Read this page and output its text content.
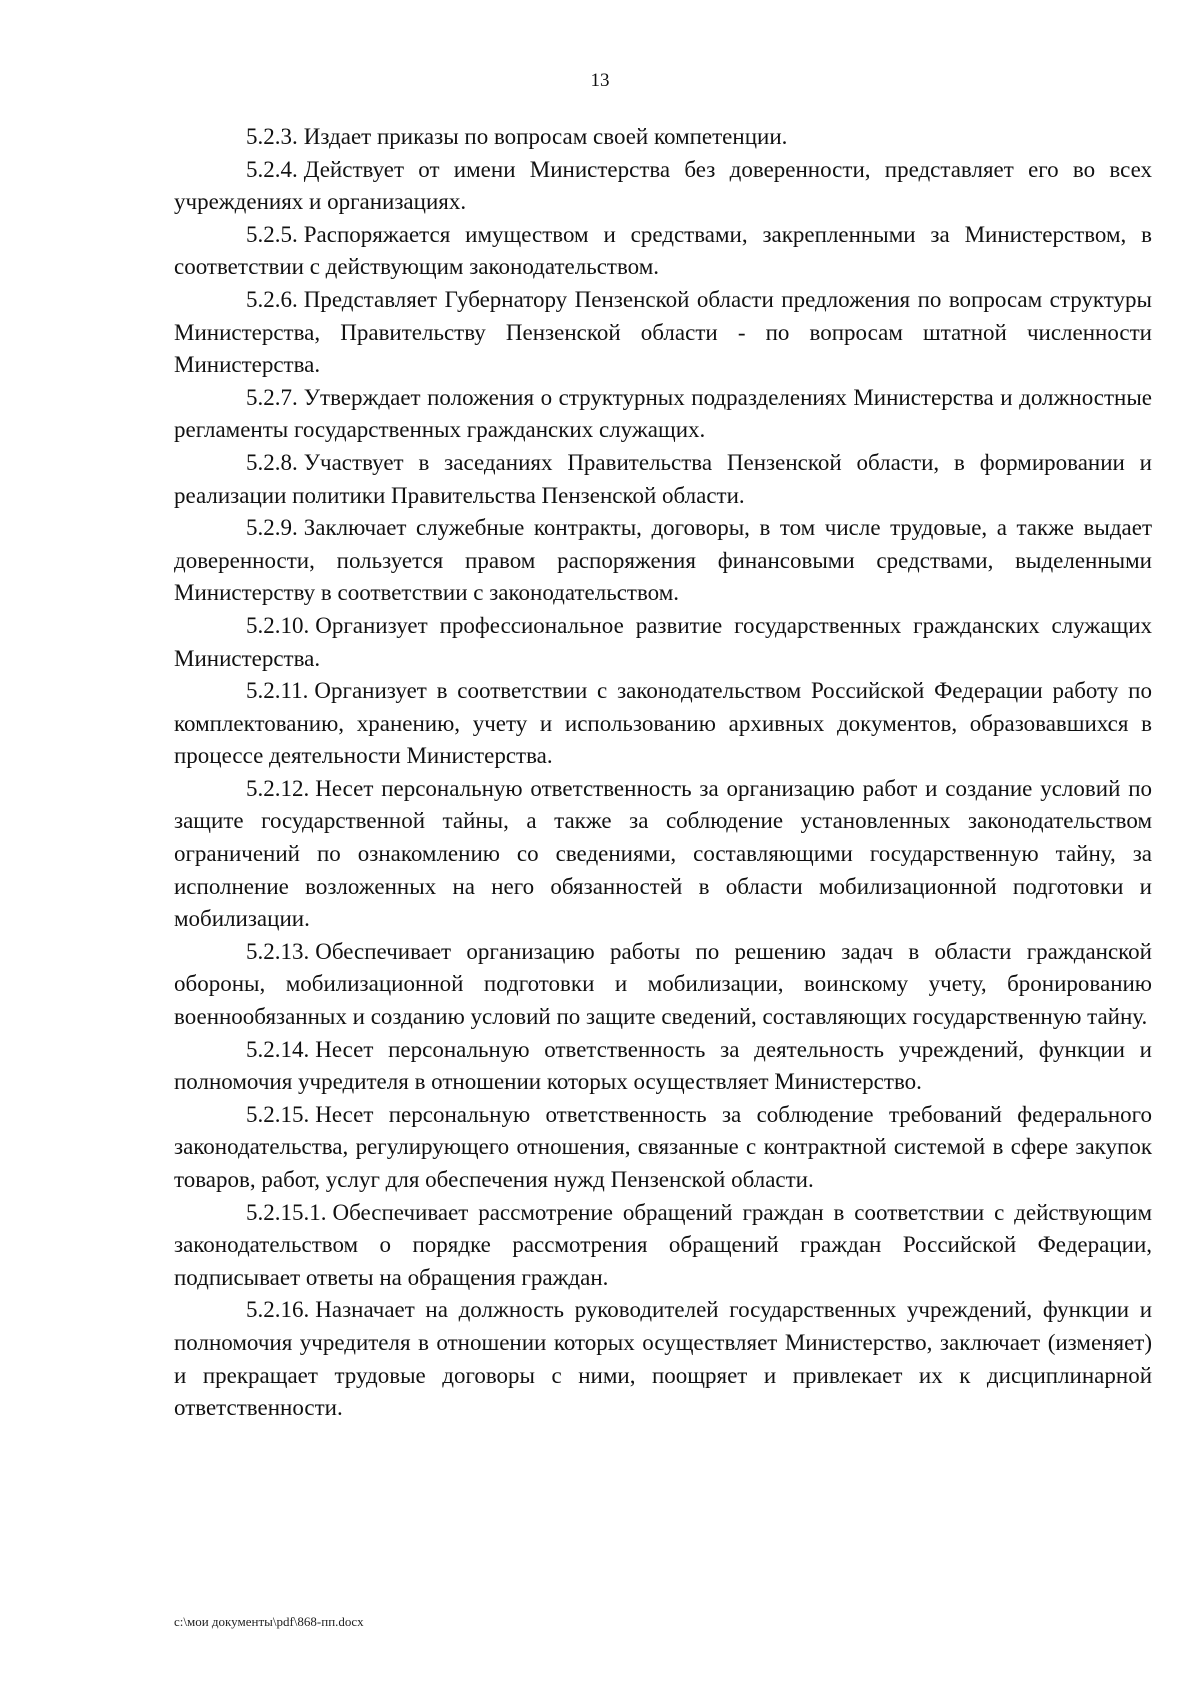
13

5.2.3. Издает приказы по вопросам своей компетенции.

5.2.4. Действует от имени Министерства без доверенности, представляет его во всех учреждениях и организациях.

5.2.5. Распоряжается имуществом и средствами, закрепленными за Министерством, в соответствии с действующим законодательством.

5.2.6. Представляет Губернатору Пензенской области предложения по вопросам структуры Министерства, Правительству Пензенской области - по вопросам штатной численности Министерства.

5.2.7. Утверждает положения о структурных подразделениях Министерства и должностные регламенты государственных гражданских служащих.

5.2.8. Участвует в заседаниях Правительства Пензенской области, в формировании и реализации политики Правительства Пензенской области.

5.2.9. Заключает служебные контракты, договоры, в том числе трудовые, а также выдает доверенности, пользуется правом распоряжения финансовыми средствами, выделенными Министерству в соответствии с законодательством.

5.2.10. Организует профессиональное развитие государственных гражданских служащих Министерства.

5.2.11. Организует в соответствии с законодательством Российской Федерации работу по комплектованию, хранению, учету и использованию архивных документов, образовавшихся в процессе деятельности Министерства.

5.2.12. Несет персональную ответственность за организацию работ и создание условий по защите государственной тайны, а также за соблюдение установленных законодательством ограничений по ознакомлению со сведениями, составляющими государственную тайну, за исполнение возложенных на него обязанностей в области мобилизационной подготовки и мобилизации.

5.2.13. Обеспечивает организацию работы по решению задач в области гражданской обороны, мобилизационной подготовки и мобилизации, воинскому учету, бронированию военнообязанных и созданию условий по защите сведений, составляющих государственную тайну.

5.2.14. Несет персональную ответственность за деятельность учреждений, функции и полномочия учредителя в отношении которых осуществляет Министерство.

5.2.15. Несет персональную ответственность за соблюдение требований федерального законодательства, регулирующего отношения, связанные с контрактной системой в сфере закупок товаров, работ, услуг для обеспечения нужд Пензенской области.

5.2.15.1. Обеспечивает рассмотрение обращений граждан в соответствии с действующим законодательством о порядке рассмотрения обращений граждан Российской Федерации, подписывает ответы на обращения граждан.

5.2.16. Назначает на должность руководителей государственных учреждений, функции и полномочия учредителя в отношении которых осуществляет Министерство, заключает (изменяет) и прекращает трудовые договоры с ними, поощряет и привлекает их к дисциплинарной ответственности.

c:\мои документы\pdf\868-пп.docx
